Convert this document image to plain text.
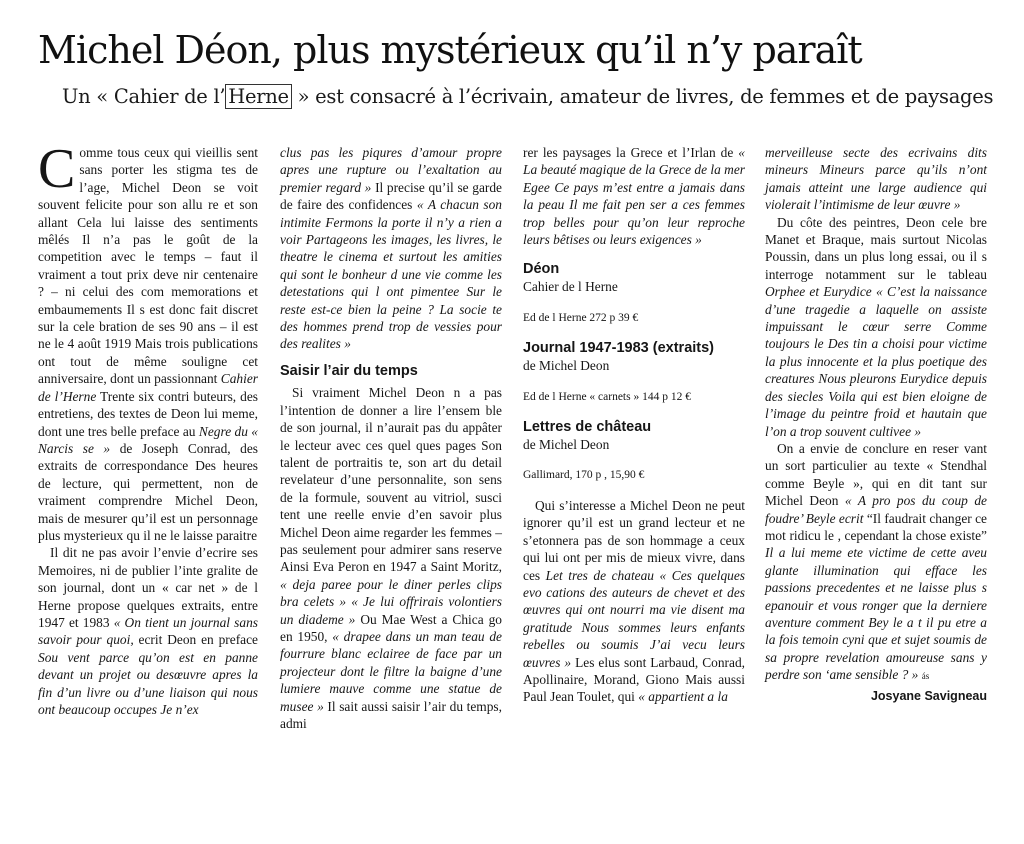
Michel Déon, plus mystérieux qu’il n’y paraît
Un « Cahier de l’ Herne » est consacré à l’écrivain, amateur de livres, de femmes et de paysages

Comme tous ceux qui vieillis sent sans porter les stigma tes de l’age, Michel Deon se voit souvent felicite pour son allu re et son allant Cela lui laisse des sentiments mêlés Il n’a pas le goût de la competition avec le temps – faut il vraiment a tout prix deve nir centenaire ? – ni celui des com memorations et embaumements Il s est donc fait discret sur la cele bration de ses 90 ans – il est ne le 4 août 1919 Mais trois publications ont tout de même souligne cet anniversaire, dont un passionnant Cahier de l’Herne Trente six contri buteurs, des entretiens, des textes de Deon lui meme, dont une tres belle preface au Negre du « Narcis se » de Joseph Conrad, des extraits de correspondance Des heures de lecture, qui permettent, non de vraiment comprendre Michel Deon, mais de mesurer qu’il est un personnage plus mysterieux qu il ne le laisse paraitre

Il dit ne pas avoir l’envie d’ecrire ses Memoires, ni de publier l’inte gralite de son journal, dont un « car net » de l Herne propose quelques extraits, entre 1947 et 1983 « On tient un journal sans savoir pour quoi, ecrit Deon en preface Sou vent parce qu’on est en panne devant un projet ou desœuvre apres la fin d’un livre ou d’une liaison qui nous ont beaucoup occupes Je n’ex

clus pas les piqures d’amour propre apres une rupture ou l’exaltation au premier regard » Il precise qu’il se garde de faire des confidences « A chacun son intimite Fermons la porte il n’y a rien a voir Partageons les images, les livres, le theatre le cinema et surtout les amities qui sont le bonheur d une vie comme les detestations qui l ont pimentee Sur le reste est-ce bien la peine ? La socie te des hommes prend trop de vessies pour des realites »

Saisir l’air du temps

Si vraiment Michel Deon n a pas l’intention de donner a lire l’ensem ble de son journal, il n’aurait pas du appâter le lecteur avec ces quel ques pages Son talent de portraitis te, son art du detail revelateur d’une personnalite, son sens de la formule, souvent au vitriol, susci tent une reelle envie d’en savoir plus Michel Deon aime regarder les femmes – pas seulement pour admirer sans reserve Ainsi Eva Peron en 1947 a Saint Moritz, « deja paree pour le diner perles clips bra celets » « Je lui offrirais volontiers un diademe » Ou Mae West a Chica go en 1950, « drapee dans un man teau de fourrure blanc eclairee de face par un projecteur dont le filtre la baigne d’une lumiere mauve comme une statue de musee » Il sait aussi saisir l’air du temps, admi

rer les paysages la Grece et l’Irlan de « La beauté magique de la Grece de la mer Egee Ce pays m’est entre a jamais dans la peau Il me fait pen ser a ces femmes trop belles pour qu’on leur reproche leurs bêtises ou leurs exigences »

Déon
Cahier de l Herne
Ed de l Herne 272 p 39 €
Journal 1947-1983 (extraits)
de Michel Deon
Ed de l Herne « carnets » 144 p 12 €
Lettres de château
de Michel Deon
Gallimard, 170 p , 15,90 €

Qui s’interesse a Michel Deon ne peut ignorer qu’il est un grand lecteur et ne s’etonnera pas de son hommage a ceux qui lui ont per mis de mieux vivre, dans ces Let tres de chateau « Ces quelques evo cations des auteurs de chevet et des œuvres qui ont nourri ma vie disent ma gratitude Nous sommes leurs enfants rebelles ou soumis J’ai vecu leurs œuvres » Les elus sont Larbaud, Conrad, Apollinaire, Morand, Giono Mais aussi Paul Jean Toulet, qui « appartient a la

merveilleuse secte des ecrivains dits mineurs Mineurs parce qu’ils n’ont jamais atteint une large audience qui violerait l’intimisme de leur œuvre »

Du côte des peintres, Deon cele bre Manet et Braque, mais surtout Nicolas Poussin, dans un plus long essai, ou il s interroge notamment sur le tableau Orphee et Eurydice « C’est la naissance d’une tragedie a laquelle on assiste impuissant le cœur serre Comme toujours le Des tin a choisi pour victime la plus innocente et la plus poetique des creatures Nous pleurons Eurydice depuis des siecles Voila qui est bien eloigne de l’image du peintre froid et hautain que l’on a trop souvent cultivee »

On a envie de conclure en reser vant un sort particulier au texte « Stendhal comme Beyle », qui en dit tant sur Michel Deon « A pro pos du coup de foudre’ Beyle ecrit “Il faudrait changer ce mot ridicu le , cependant la chose existe” Il a lui meme ete victime de cette aveu glante illumination qui efface les passions precedentes et ne laisse plus s epanouir et vous ronger que la derniere aventure comment Bey le a t il pu etre a la fois temoin cyni que et sujet soumis de sa propre revelation amoureuse sans y perdre son ‘ame sensible ? » ás

Josyane Savigneau
